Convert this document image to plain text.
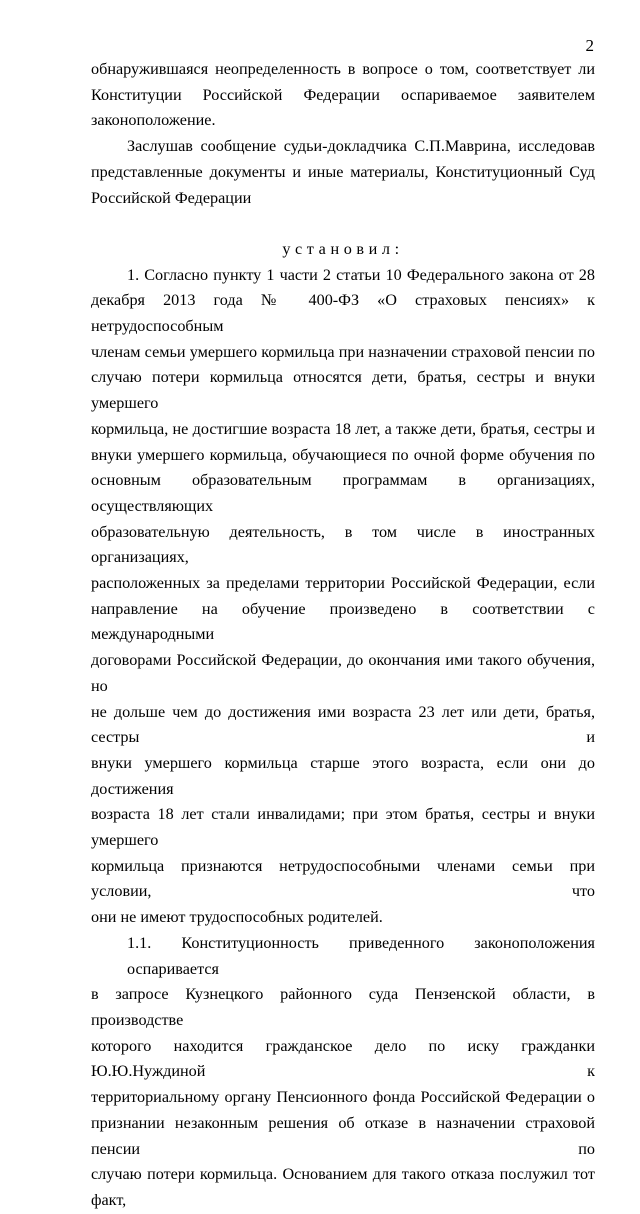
2
обнаружившаяся неопределенность в вопросе о том, соответствует ли
Конституции Российской Федерации оспариваемое заявителем
законоположение.
Заслушав сообщение судьи-докладчика С.П.Маврина, исследовав
представленные документы и иные материалы, Конституционный Суд
Российской Федерации
установил:
1. Согласно пункту 1 части 2 статьи 10 Федерального закона от 28
декабря 2013 года № 400-ФЗ «О страховых пенсиях» к нетрудоспособным
членам семьи умершего кормильца при назначении страховой пенсии по
случаю потери кормильца относятся дети, братья, сестры и внуки умершего
кормильца, не достигшие возраста 18 лет, а также дети, братья, сестры и
внуки умершего кормильца, обучающиеся по очной форме обучения по
основным образовательным программам в организациях, осуществляющих
образовательную деятельность, в том числе в иностранных организациях,
расположенных за пределами территории Российской Федерации, если
направление на обучение произведено в соответствии с международными
договорами Российской Федерации, до окончания ими такого обучения, но
не дольше чем до достижения ими возраста 23 лет или дети, братья, сестры и
внуки умершего кормильца старше этого возраста, если они до достижения
возраста 18 лет стали инвалидами; при этом братья, сестры и внуки умершего
кормильца признаются нетрудоспособными членами семьи при условии, что
они не имеют трудоспособных родителей.
1.1. Конституционность приведенного законоположения оспаривается
в запросе Кузнецкого районного суда Пензенской области, в производстве
которого находится гражданское дело по иску гражданки Ю.Ю.Нуждиной к
территориальному органу Пенсионного фонда Российской Федерации о
признании незаконным решения об отказе в назначении страховой пенсии по
случаю потери кормильца. Основанием для такого отказа послужил тот факт,
